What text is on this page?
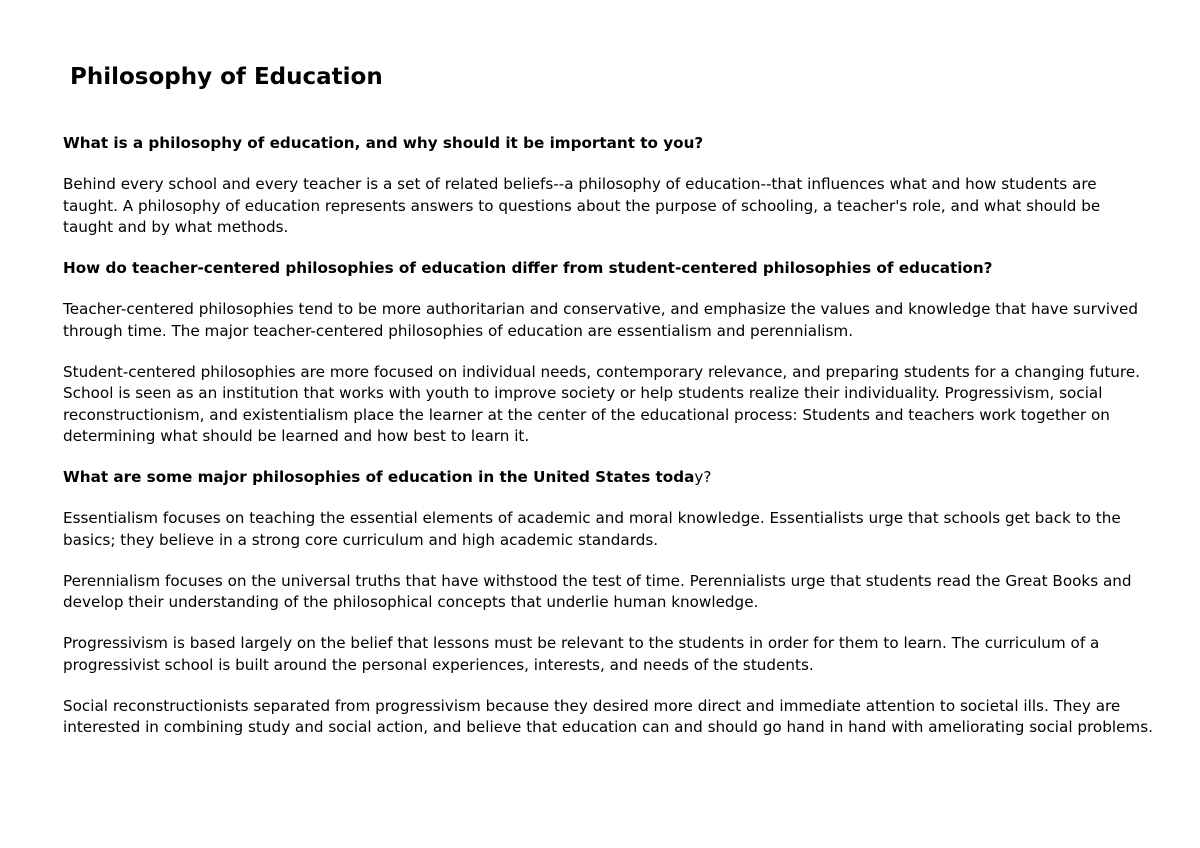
Philosophy of Education

What is a philosophy of education, and why should it be important to you?

Behind every school and every teacher is a set of related beliefs--a philosophy of education--that influences what and how students are taught. A philosophy of education represents answers to questions about the purpose of schooling, a teacher's role, and what should be taught and by what methods.

How do teacher-centered philosophies of education differ from student-centered philosophies of education?

Teacher-centered philosophies tend to be more authoritarian and conservative, and emphasize the values and knowledge that have survived through time. The major teacher-centered philosophies of education are essentialism and perennialism.

Student-centered philosophies are more focused on individual needs, contemporary relevance, and preparing students for a changing future. School is seen as an institution that works with youth to improve society or help students realize their individuality. Progressivism, social reconstructionism, and existentialism place the learner at the center of the educational process: Students and teachers work together on determining what should be learned and how best to learn it.

What are some major philosophies of education in the United States today?

Essentialism focuses on teaching the essential elements of academic and moral knowledge. Essentialists urge that schools get back to the basics; they believe in a strong core curriculum and high academic standards.

Perennialism focuses on the universal truths that have withstood the test of time. Perennialists urge that students read the Great Books and develop their understanding of the philosophical concepts that underlie human knowledge.

Progressivism is based largely on the belief that lessons must be relevant to the students in order for them to learn. The curriculum of a progressivist school is built around the personal experiences, interests, and needs of the students.

Social reconstructionists separated from progressivism because they desired more direct and immediate attention to societal ills. They are interested in combining study and social action, and believe that education can and should go hand in hand with ameliorating social problems.
